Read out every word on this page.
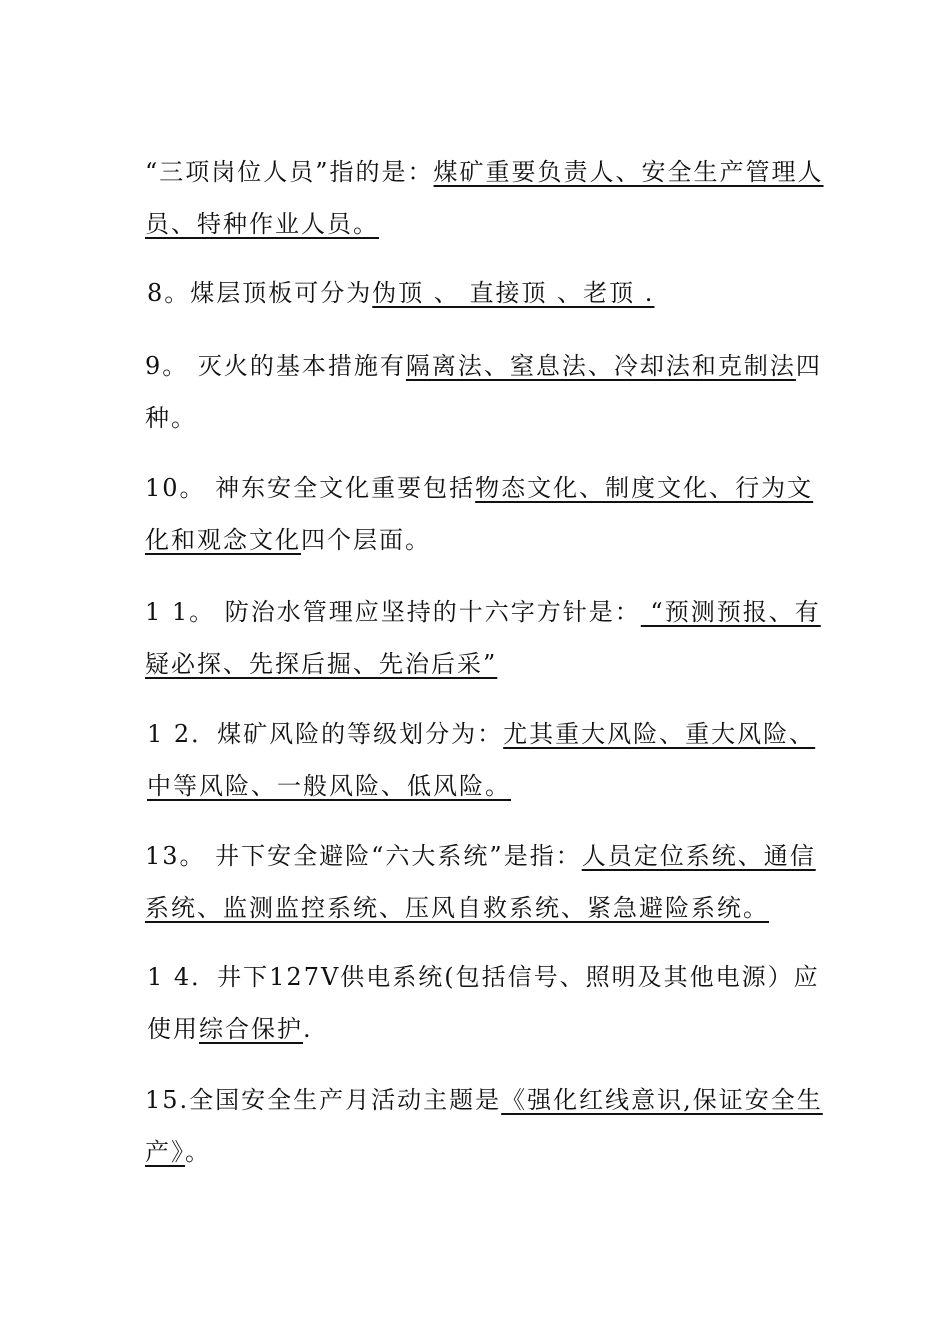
“三项岗位人员”指的是：煤矿重要负责人、安全生产管理人员、特种作业人员。

8。煤层顶板可分为伪顶 、 直接顶 、老顶 .

9。 灭火的基本措施有隔离法、窒息法、冷却法和克制法四种。

10。 神东安全文化重要包括物态文化、制度文化、行为文化和观念文化四个层面。

1 1。 防治水管理应坚持的十六字方针是： “预测预报、有疑必探、先探后掘、先治后采”

1 2．煤矿风险的等级划分为：尤其重大风险、重大风险、中等风险、一般风险、低风险。

13。 井下安全避险“六大系统”是指：人员定位系统、通信系统、监测监控系统、压风自救系统、紧急避险系统。

1 4．井下127V供电系统(包括信号、照明及其他电源）应使用综合保护.

15.全国安全生产月活动主题是《强化红线意识,保证安全生产》。
